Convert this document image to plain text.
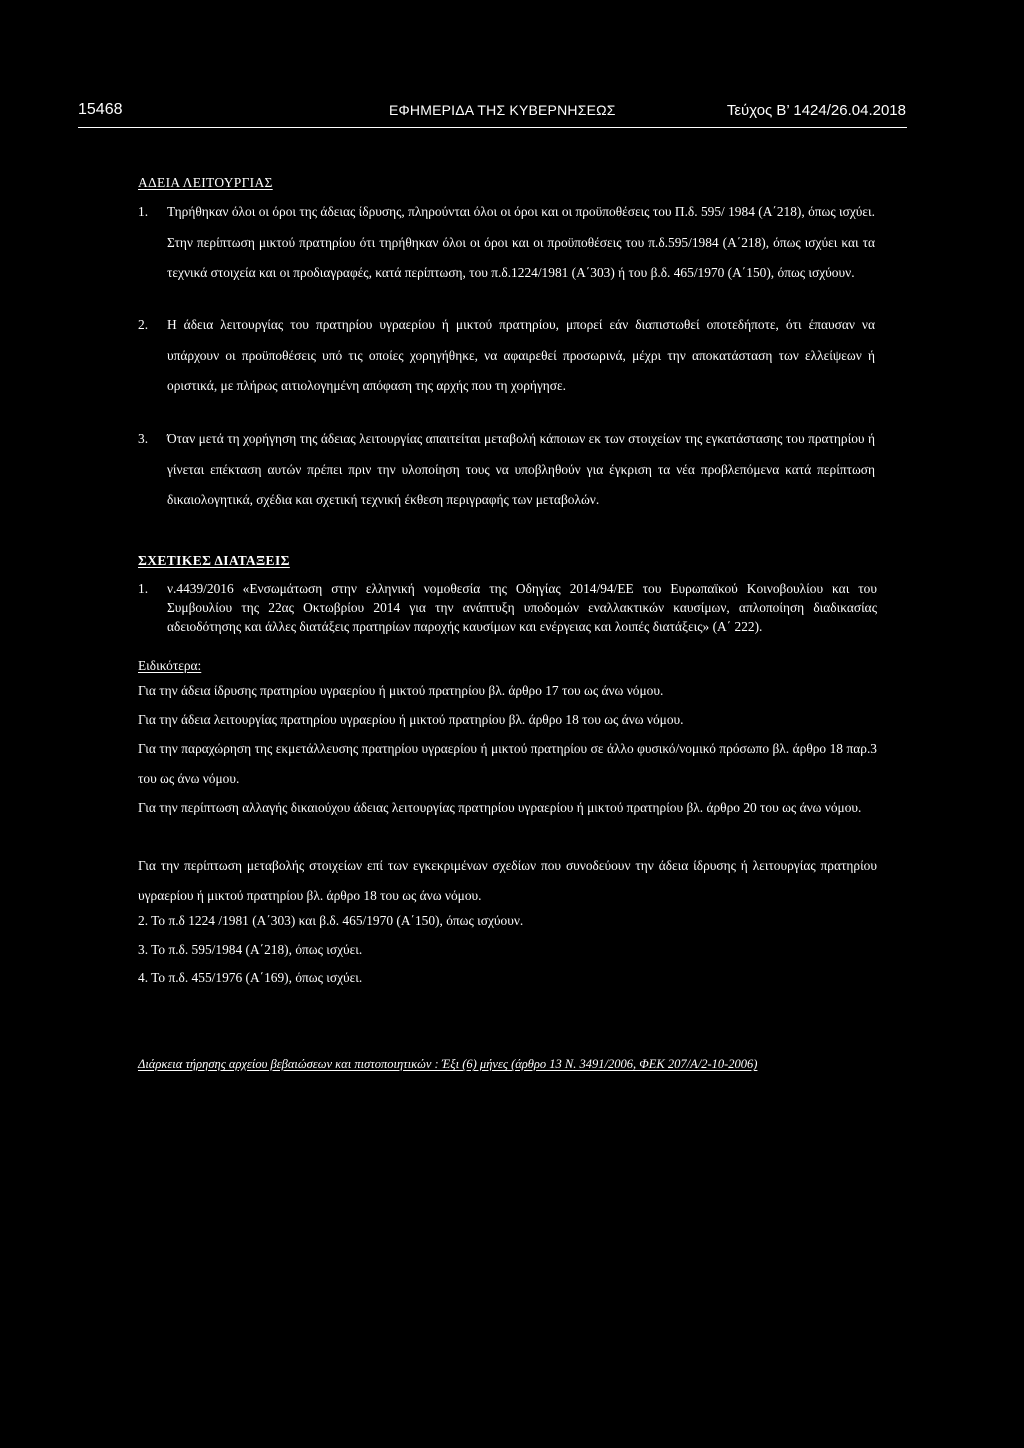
15468	ΕΦΗΜΕΡΙΔΑ ΤΗΣ ΚΥΒΕΡΝΗΣΕΩΣ	Τεύχος Β’ 1424/26.04.2018
ΑΔΕΙΑ ΛΕΙΤΟΥΡΓΙΑΣ
1. Τηρήθηκαν όλοι οι όροι της άδειας ίδρυσης, πληρούνται όλοι οι όροι και οι προϋποθέσεις του Π.δ. 595/ 1984 (Α΄218), όπως ισχύει. Στην περίπτωση μικτού πρατηρίου ότι τηρήθηκαν όλοι οι όροι και οι προϋποθέσεις του π.δ.595/1984 (Α΄218), όπως ισχύει και τα τεχνικά στοιχεία και οι προδιαγραφές, κατά περίπτωση, του π.δ.1224/1981 (Α΄303) ή του β.δ. 465/1970 (Α΄150), όπως ισχύουν.
2. Η άδεια λειτουργίας του πρατηρίου υγραερίου ή μικτού πρατηρίου, μπορεί εάν διαπιστωθεί οποτεδήποτε, ότι έπαυσαν να υπάρχουν οι προϋποθέσεις υπό τις οποίες χορηγήθηκε, να αφαιρεθεί προσωρινά, μέχρι την αποκατάσταση των ελλείψεων ή οριστικά, με πλήρως αιτιολογημένη απόφαση της αρχής που τη χορήγησε.
3. Όταν μετά τη χορήγηση της άδειας λειτουργίας απαιτείται μεταβολή κάποιων εκ των στοιχείων της εγκατάστασης του πρατηρίου ή γίνεται επέκταση αυτών πρέπει πριν την υλοποίηση τους να υποβληθούν για έγκριση τα νέα προβλεπόμενα κατά περίπτωση δικαιολογητικά, σχέδια και σχετική τεχνική έκθεση περιγραφής των μεταβολών.
ΣΧΕΤΙΚΕΣ ΔΙΑΤΑΞΕΙΣ
1. ν.4439/2016 «Ενσωμάτωση στην ελληνική νομοθεσία της Οδηγίας 2014/94/ΕΕ του Ευρωπαϊκού Κοινοβουλίου και του Συμβουλίου της 22ας Οκτωβρίου 2014 για την ανάπτυξη υποδομών εναλλακτικών καυσίμων, απλοποίηση διαδικασίας αδειοδότησης και άλλες διατάξεις πρατηρίων παροχής καυσίμων και ενέργειας και λοιπές διατάξεις» (Α΄ 222).
Ειδικότερα:
Για την άδεια ίδρυσης πρατηρίου υγραερίου ή μικτού πρατηρίου βλ. άρθρο 17 του ως άνω νόμου.
Για την άδεια λειτουργίας πρατηρίου υγραερίου ή μικτού πρατηρίου βλ. άρθρο 18 του ως άνω νόμου.
Για την παραχώρηση της εκμετάλλευσης πρατηρίου υγραερίου ή μικτού πρατηρίου σε άλλο φυσικό/νομικό πρόσωπο βλ. άρθρο 18 παρ.3 του ως άνω νόμου.
Για την περίπτωση αλλαγής δικαιούχου άδειας λειτουργίας πρατηρίου υγραερίου ή μικτού πρατηρίου βλ. άρθρο 20 του ως άνω νόμου.
Για την περίπτωση μεταβολής στοιχείων επί των εγκεκριμένων σχεδίων που συνοδεύουν την άδεια ίδρυσης ή λειτουργίας πρατηρίου υγραερίου ή μικτού πρατηρίου βλ. άρθρο 18 του ως άνω νόμου.
2. Το π.δ 1224 /1981 (Α΄303) και β.δ. 465/1970 (Α΄150), όπως ισχύουν.
3. Το π.δ. 595/1984 (Α΄218), όπως ισχύει.
4. Το π.δ. 455/1976 (Α΄169), όπως ισχύει.
Διάρκεια τήρησης αρχείου βεβαιώσεων και πιστοποιητικών : Έξι (6) μήνες (άρθρο 13 Ν. 3491/2006, ΦΕΚ 207/Α/2-10-2006)
